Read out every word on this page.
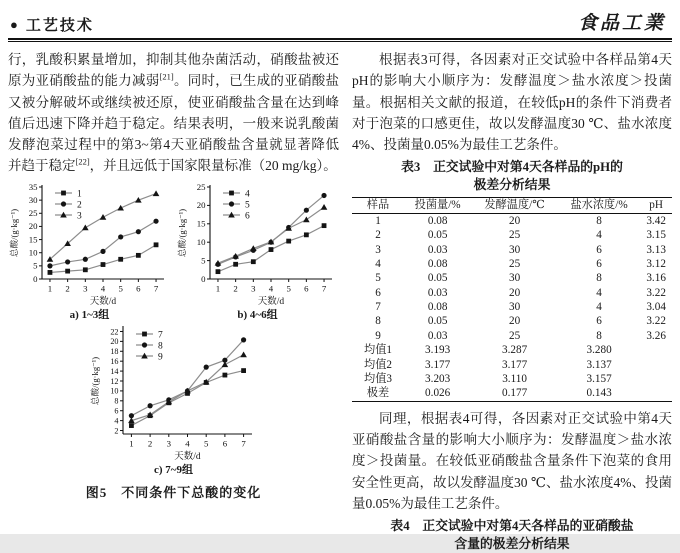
● 工艺技术	食品工業

行，乳酸积累量增加，抑制其他杂菌活动，硝酸盐被还原为亚硝酸盐的能力减弱[21]。同时，已生成的亚硝酸盐又被分解破坏或继续被还原，使亚硝酸盐含量在达到峰值后迅速下降并趋于稳定。结果表明，一般来说乳酸菌发酵泡菜过程中的第3~第4天亚硝酸盐含量就显著降低并趋于稳定[22]，并且远低于国家限量标准（20 mg/kg）。

0
5
10
15
20
25
30
35
1 2 3 4 5 6 7
天数/d
总酸/(g·kg⁻¹)
1
2
3
a) 1~3组
0
5
10
15
20
25
1 2 3 4 5 6 7
天数/d
总酸/(g·kg⁻¹)
4
5
6
b) 4~6组
2
4
6
8
10
12
14
16
18
20
22
1 2 3 4 5 6 7
天数/d
总酸/(g·kg⁻¹)
7
8
9
c) 7~9组
图5　不同条件下总酸的变化

根据表3可得，各因素对正交试验中各样品第4天pH的影响大小顺序为：发酵温度＞盐水浓度＞投菌量。根据相关文献的报道，在较低pH的条件下消费者对于泡菜的口感更佳，故以发酵温度30 ℃、盐水浓度4%、投菌量0.05%为最佳工艺条件。

表3　正交试验中对第4天各样品的pH的
极差分析结果
样品	投菌量/%	发酵温度/℃	盐水浓度/%	pH
1	0.08	20	8	3.42
2	0.05	25	4	3.15
3	0.03	30	6	3.13
4	0.08	25	6	3.12
5	0.05	30	8	3.16
6	0.03	20	4	3.22
7	0.08	30	4	3.04
8	0.05	20	6	3.22
9	0.03	25	8	3.26
均值1	3.193	3.287	3.280	
均值2	3.177	3.177	3.137	
均值3	3.203	3.110	3.157	
极差	0.026	0.177	0.143	

同理，根据表4可得，各因素对正交试验中第4天亚硝酸盐含量的影响大小顺序为：发酵温度＞盐水浓度＞投菌量。在较低亚硝酸盐含量条件下泡菜的食用安全性更高，故以发酵温度30 ℃、盐水浓度4%、投菌量0.05%为最佳工艺条件。

表4　正交试验中对第4天各样品的亚硝酸盐
含量的极差分析结果
